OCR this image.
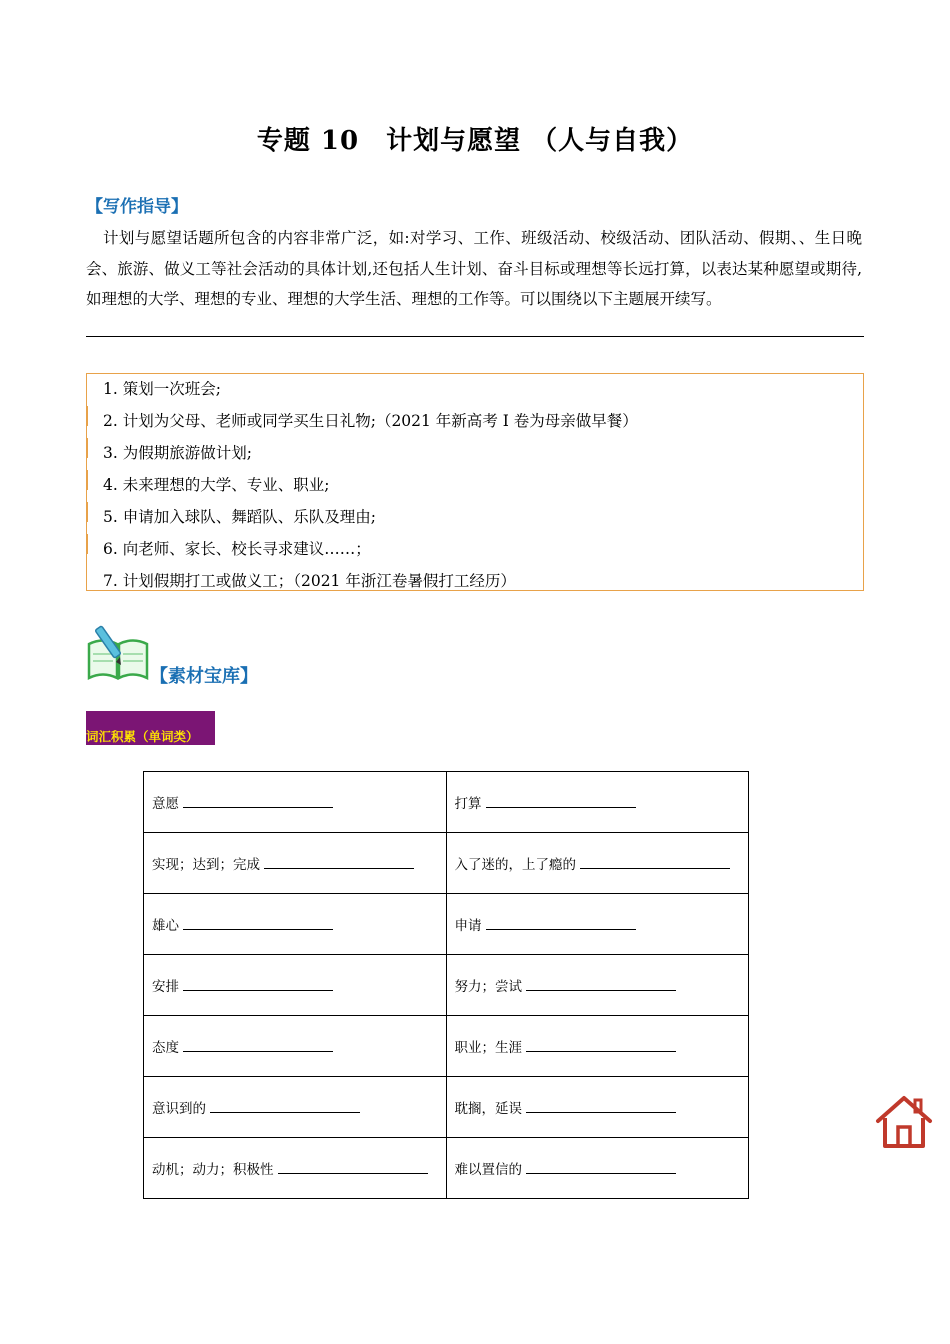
专题 10　计划与愿望 （人与自我）
【写作指导】
计划与愿望话题所包含的内容非常广泛，如:对学习、工作、班级活动、校级活动、团队活动、假期、、生日晚会、旅游、做义工等社会活动的具体计划,还包括人生计划、奋斗目标或理想等长远打算，以表达某种愿望或期待,如理想的大学、理想的专业、理想的大学生活、理想的工作等。可以围绕以下主题展开续写。
1. 策划一次班会;
2. 计划为父母、老师或同学买生日礼物;（2021 年新高考 I 卷为母亲做早餐）
3. 为假期旅游做计划;
4. 未来理想的大学、专业、职业;
5. 申请加入球队、舞蹈队、乐队及理由;
6. 向老师、家长、校长寻求建议……；
7. 计划假期打工或做义工；（2021 年浙江卷暑假打工经历）
【素材宝库】
词汇积累（单词类）
意愿	打算
实现；达到；完成	入了迷的，上了瘾的
雄心	申请
安排	努力；尝试
态度	职业；生涯
意识到的	耽搁，延误
动机；动力；积极性	难以置信的
